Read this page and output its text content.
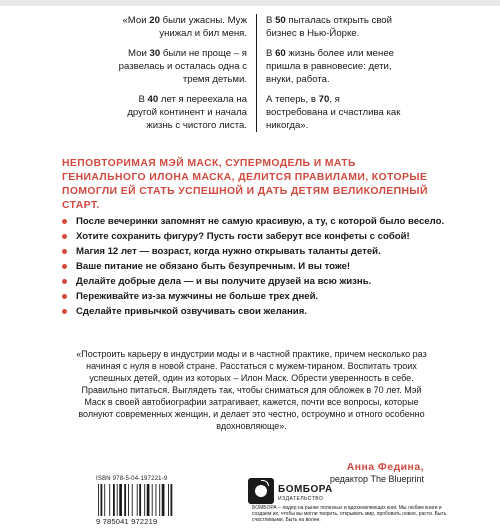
«Мои 20 были ужасны. Муж унижал и бил меня.

Мои 30 были не проще – я развелась и осталась одна с тремя детьми.

В 40 лет я переехала на другой континент и начала жизнь с чистого листа.

В 50 пыталась открыть свой бизнес в Нью-Йорке.

В 60 жизнь более или менее пришла в равновесие: дети, внуки, работа.

А теперь, в 70, я востребована и счастлива как никогда».

НЕПОВТОРИМАЯ МЭЙ МАСК, СУПЕРМОДЕЛЬ И МАТЬ ГЕНИАЛЬНОГО ИЛОНА МАСКА, ДЕЛИТСЯ ПРАВИЛАМИ, КОТОРЫЕ ПОМОГЛИ ЕЙ СТАТЬ УСПЕШНОЙ И ДАТЬ ДЕТЯМ ВЕЛИКОЛЕПНЫЙ СТАРТ.
После вечеринки запомнят не самую красивую, а ту, с которой было весело.
Хотите сохранить фигуру? Пусть гости заберут все конфеты с собой!
Магия 12 лет — возраст, когда нужно открывать таланты детей.
Ваше питание не обязано быть безупречным. И вы тоже!
Делайте добрые дела — и вы получите друзей на всю жизнь.
Переживайте из-за мужчины не больше трех дней.
Сделайте привычкой озвучивать свои желания.

«Построить карьеру в индустрии моды и в частной практике, причем несколько раз начиная с нуля в новой стране. Расстаться с мужем-тираном. Воспитать троих успешных детей, один из которых – Илон Маск. Обрести уверенность в себе. Правильно питаться. Выглядеть так, чтобы сниматься для обложек в 70 лет. Мэй Маск в своей автобиографии затрагивает, кажется, почти все вопросы, которые волнуют современных женщин, и делает это честно, остроумно и отного особенно вдохновляюще».

Анна Федина,
редактор The Blueprint
ISBN 978-5-04-197221-9
9 785041 972219
БОМБОРА
ИЗДАТЕЛЬСТВО
БОМБОРА – лидер на рынке полезных и вдохновляющих книг. Мы любим книги и создаем их, чтобы вы могли творить, открывать мир, пробовать новое, расти. Быть счастливыми. Быть на волне.
